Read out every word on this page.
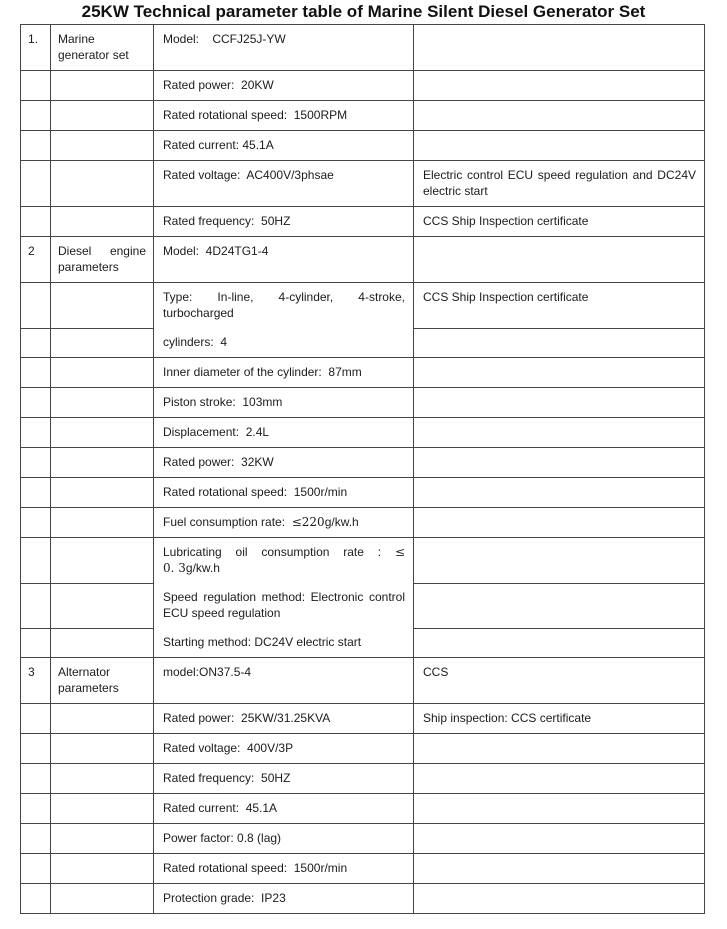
25KW Technical parameter table of Marine Silent Diesel Generator Set
1.	Marine generator set	Model:    CCFJ25J-YW	
		Rated power:  20KW	
		Rated rotational speed:  1500RPM	
		Rated current: 45.1A	
		Rated voltage:  AC400V/3phsae	Electric control ECU speed regulation and DC24V electric start
		Rated frequency:  50HZ	CCS Ship Inspection certificate
2	Diesel engine parameters	Model:  4D24TG1-4	
		Type: In-line, 4-cylinder, 4-stroke, turbocharged	CCS Ship Inspection certificate
		cylinders:  4	
		Inner diameter of the cylinder:  87mm	
		Piston stroke:  103mm	
		Displacement:  2.4L	
		Rated power:  32KW	
		Rated rotational speed:  1500r/min	
		Fuel consumption rate:  ≤220g/kw.h	
		Lubricating oil consumption rate : ≤ 0. 3g/kw.h	
		Speed regulation method: Electronic control ECU speed regulation	
		Starting method: DC24V electric start	
3	Alternator parameters	model:ON37.5-4	CCS
		Rated power:  25KW/31.25KVA	Ship inspection: CCS certificate
		Rated voltage:  400V/3P	
		Rated frequency:  50HZ	
		Rated current:  45.1A	
		Power factor: 0.8 (lag)	
		Rated rotational speed:  1500r/min	
		Protection grade:  IP23	
